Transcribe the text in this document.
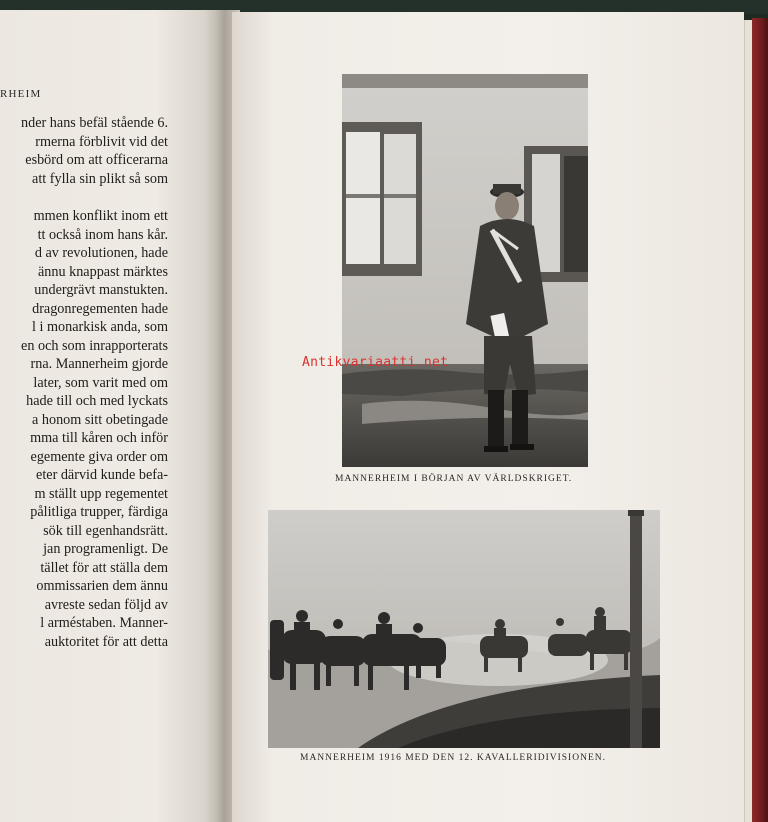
RHEIM
nder hans befäl stående 6.
rmerna förblivit vid det
esbörd om att officerarna
att fylla sin plikt så som
mmen konflikt inom ett
tt också inom hans kår.
d av revolutionen, hade
ännu knappast märktes
undergrävt manstukten.
dragonregementen hade
l i monarkisk anda, som
en och som inrapporterats
rna. Mannerheim gjorde
later, som varit med om
hade till och med lyckats
a honom sitt obetingade
mma till kåren och inför
egemente giva order om
eter därvid kunde befa-
m ställt upp regementet
pålitliga trupper, färdiga
sök till egenhandsrätt.
jan programenligt. De
tället för att ställa dem
ommissarien dem ännu
avreste sedan följd av
l arméstaben. Manner-
auktoritet för att detta
MANNERHEIM I BÖRJAN AV VÄRLDSKRIGET.
MANNERHEIM 1916 MED DEN 12. KAVALLERIDIVISIONEN.
Antikvariaatti.net
